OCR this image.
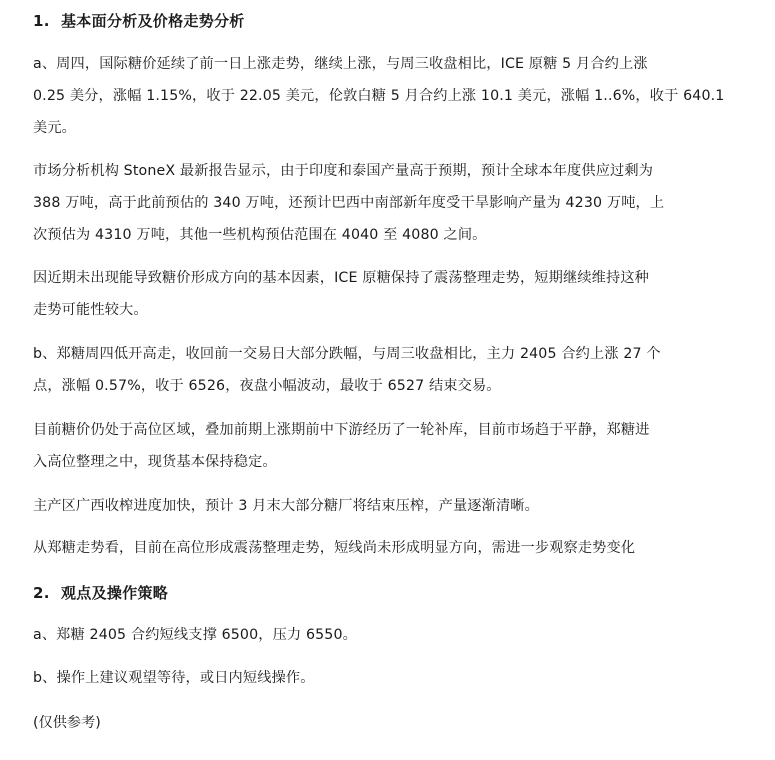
1. 基本面分析及价格走势分析
a、周四，国际糖价延续了前一日上涨走势，继续上涨，与周三收盘相比，ICE 原糖 5 月合约上涨
0.25 美分，涨幅 1.15%，收于 22.05 美元，伦敦白糖 5 月合约上涨 10.1 美元，涨幅 1..6%，收于 640.1
美元。
市场分析机构 StoneX 最新报告显示，由于印度和泰国产量高于预期，预计全球本年度供应过剩为
388 万吨，高于此前预估的 340 万吨，还预计巴西中南部新年度受干旱影响产量为 4230 万吨，上
次预估为 4310 万吨，其他一些机构预估范围在 4040 至 4080 之间。
因近期未出现能导致糖价形成方向的基本因素，ICE 原糖保持了震荡整理走势，短期继续维持这种
走势可能性较大。
b、郑糖周四低开高走，收回前一交易日大部分跌幅，与周三收盘相比，主力 2405 合约上涨 27 个
点，涨幅 0.57%，收于 6526，夜盘小幅波动，最收于 6527 结束交易。
目前糖价仍处于高位区域，叠加前期上涨期前中下游经历了一轮补库，目前市场趋于平静，郑糖进
入高位整理之中，现货基本保持稳定。
主产区广西收榨进度加快，预计 3 月末大部分糖厂将结束压榨，产量逐渐清晰。
从郑糖走势看，目前在高位形成震荡整理走势，短线尚未形成明显方向，需进一步观察走势变化
2. 观点及操作策略
a、郑糖 2405 合约短线支撑 6500，压力 6550。
b、操作上建议观望等待，或日内短线操作。
(仅供参考)
